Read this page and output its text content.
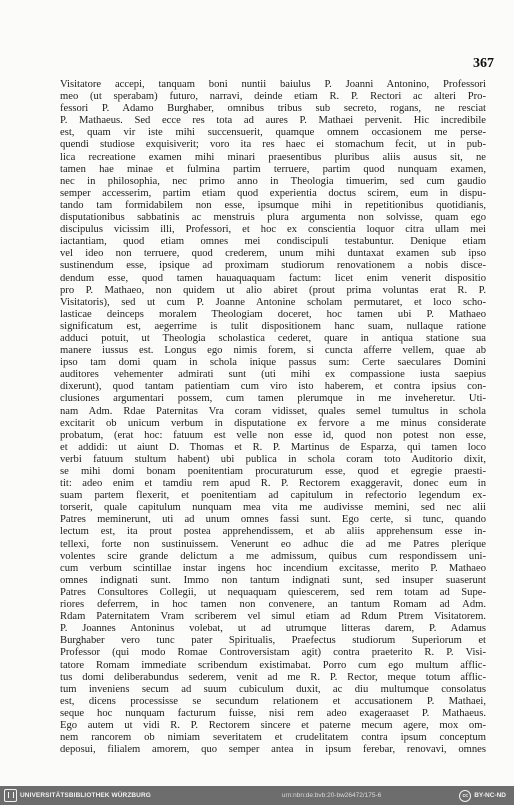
367
Visitatore accepi, tanquam boni nuntii baiulus P. Joanni Antonino, Professori
meo (ut sperabam) futuro, narravi, deinde etiam R. P. Rectori ac alteri Pro-
fessori P. Adamo Burghaber, omnibus tribus sub secreto, rogans, ne resciat
P. Mathaeus. Sed ecce res tota ad aures P. Mathaei pervenit. Hic incredibile
est, quam vir iste mihi succensuerit, quamque omnem occasionem me perse-
quendi studiose exquisiverit; voro ita res haec ei stomachum fecit, ut in pub-
lica recreatione examen mihi minari praesentibus pluribus aliis ausus sit, ne
tamen hae minae et fulmina partim terruere, partim quod nunquam examen,
nec in philosophia, nec primo anno in Theologia timuerim, sed cum gaudio
semper accesserim, partim etiam quod experientia doctus scirem, eum in dispu-
tando tam formidabilem non esse, ipsumque mihi in repetitionibus quotidianis,
disputationibus sabbatinis ac menstruis plura argumenta non solvisse, quam ego
discipulus vicissim illi, Professori, et hoc ex conscientia loquor citra ullam mei
iactantiam, quod etiam omnes mei condiscipuli testabuntur. Denique etiam
vel ideo non terruere, quod crederem, unum mihi duntaxat examen sub ipso
sustinendum esse, ipsique ad proximam studiorum renovationem a nobis disce-
dendum esse, quod tamen hauaquaquam factum: licet enim venerit dispositio
pro P. Mathaeo, non quidem ut alio abiret (prout prima voluntas erat R. P.
Visitatoris), sed ut cum P. Joanne Antonine scholam permutaret, et loco scho-
lasticae deinceps moralem Theologiam doceret, hoc tamen ubi P. Mathaeo
significatum est, aegerrime is tulit dispositionem hanc suam, nullaque ratione
adduci potuit, ut Theologia scholastica cederet, quare in antiqua statione sua
manere iussus est. Longus ego nimis forem, si cuncta afferre vellem, quae ab
ipso tam domi quam in schola inique passus sum: Certe saeculares Domini
auditores vehementer admirati sunt (uti mihi ex compassione iusta saepius
dixerunt), quod tantam patientiam cum viro isto haberem, et contra ipsius con-
clusiones argumentari possem, cum tamen plerumque in me inveheretur. Uti-
nam Adm. Rdae Paternitas Vra coram vidisset, quales semel tumultus in schola
excitarit ob unicum verbum in disputatione ex fervore a me minus considerate
probatum, (erat hoc: fatuum est velle non esse id, quod non potest non esse,
et addidi: ut aiunt D. Thomas et R. P. Martinus de Esparza, qui tamen loco
verbi fatuum stultum habent) ubi publica in schola coram toto Auditorio dixit,
se mihi domi bonam poenitentiam procuraturum esse, quod et egregie praesti-
tit: adeo enim et tamdiu rem apud R. P. Rectorem exaggeravit, donec eum in
suam partem flexerit, et poenitentiam ad capitulum in refectorio legendum ex-
torserit, quale capitulum nunquam mea vita me audivisse memini, sed nec alii
Patres meminerunt, uti ad unum omnes fassi sunt. Ego certe, si tunc, quando
lectum est, ita prout postea apprehendissem, et ab aliis apprehensum esse in-
tellexi, forte non sustinuissem. Venerunt eo adhuc die ad me Patres plerique
volentes scire grande delictum a me admissum, quibus cum respondissem uni-
cum verbum scintillae instar ingens hoc incendium excitasse, merito P. Mathaeo
omnes indignati sunt. Immo non tantum indignati sunt, sed insuper suaserunt
Patres Consultores Collegii, ut nequaquam quiescerem, sed rem totam ad Supe-
riores deferrem, in hoc tamen non convenere, an tantum Romam ad Adm.
Rdam Paternitatem Vram scriberem vel simul etiam ad Rdum Ptrem Visitatorem.
P. Joannes Antoninus volebat, ut ad utrumque litteras darem, P. Adamus
Burghaber vero tunc pater Spiritualis, Praefectus studiorum Superiorum et
Professor (qui modo Romae Controversistam agit) contra praeterito R. P. Visi-
tatore Romam immediate scribendum existimabat. Porro cum ego multum afflic-
tus domi deliberabundus sederem, venit ad me R. P. Rector, meque totum afflic-
tum inveniens secum ad suum cubiculum duxit, ac diu multumque consolatus
est, dicens processisse se secundum relationem et accusationem P. Mathaei,
seque hoc nunquam facturum fuisse, nisi rem adeo exageraaset P. Mathaeus.
Ego autem ut vidi R. P. Rectorem sincere et paterne mecum agere, mox om-
nem rancorem ob nimiam severitatem et crudelitatem contra ipsum conceptum
deposui, filialem amorem, quo semper antea in ipsum ferebar, renovavi, omnes
UNIVERSITÄTSBIBLIOTHEK WÜRZBURG	urn:nbn:de:bvb:20-bw26472/175-6	cc BY-NC-ND
